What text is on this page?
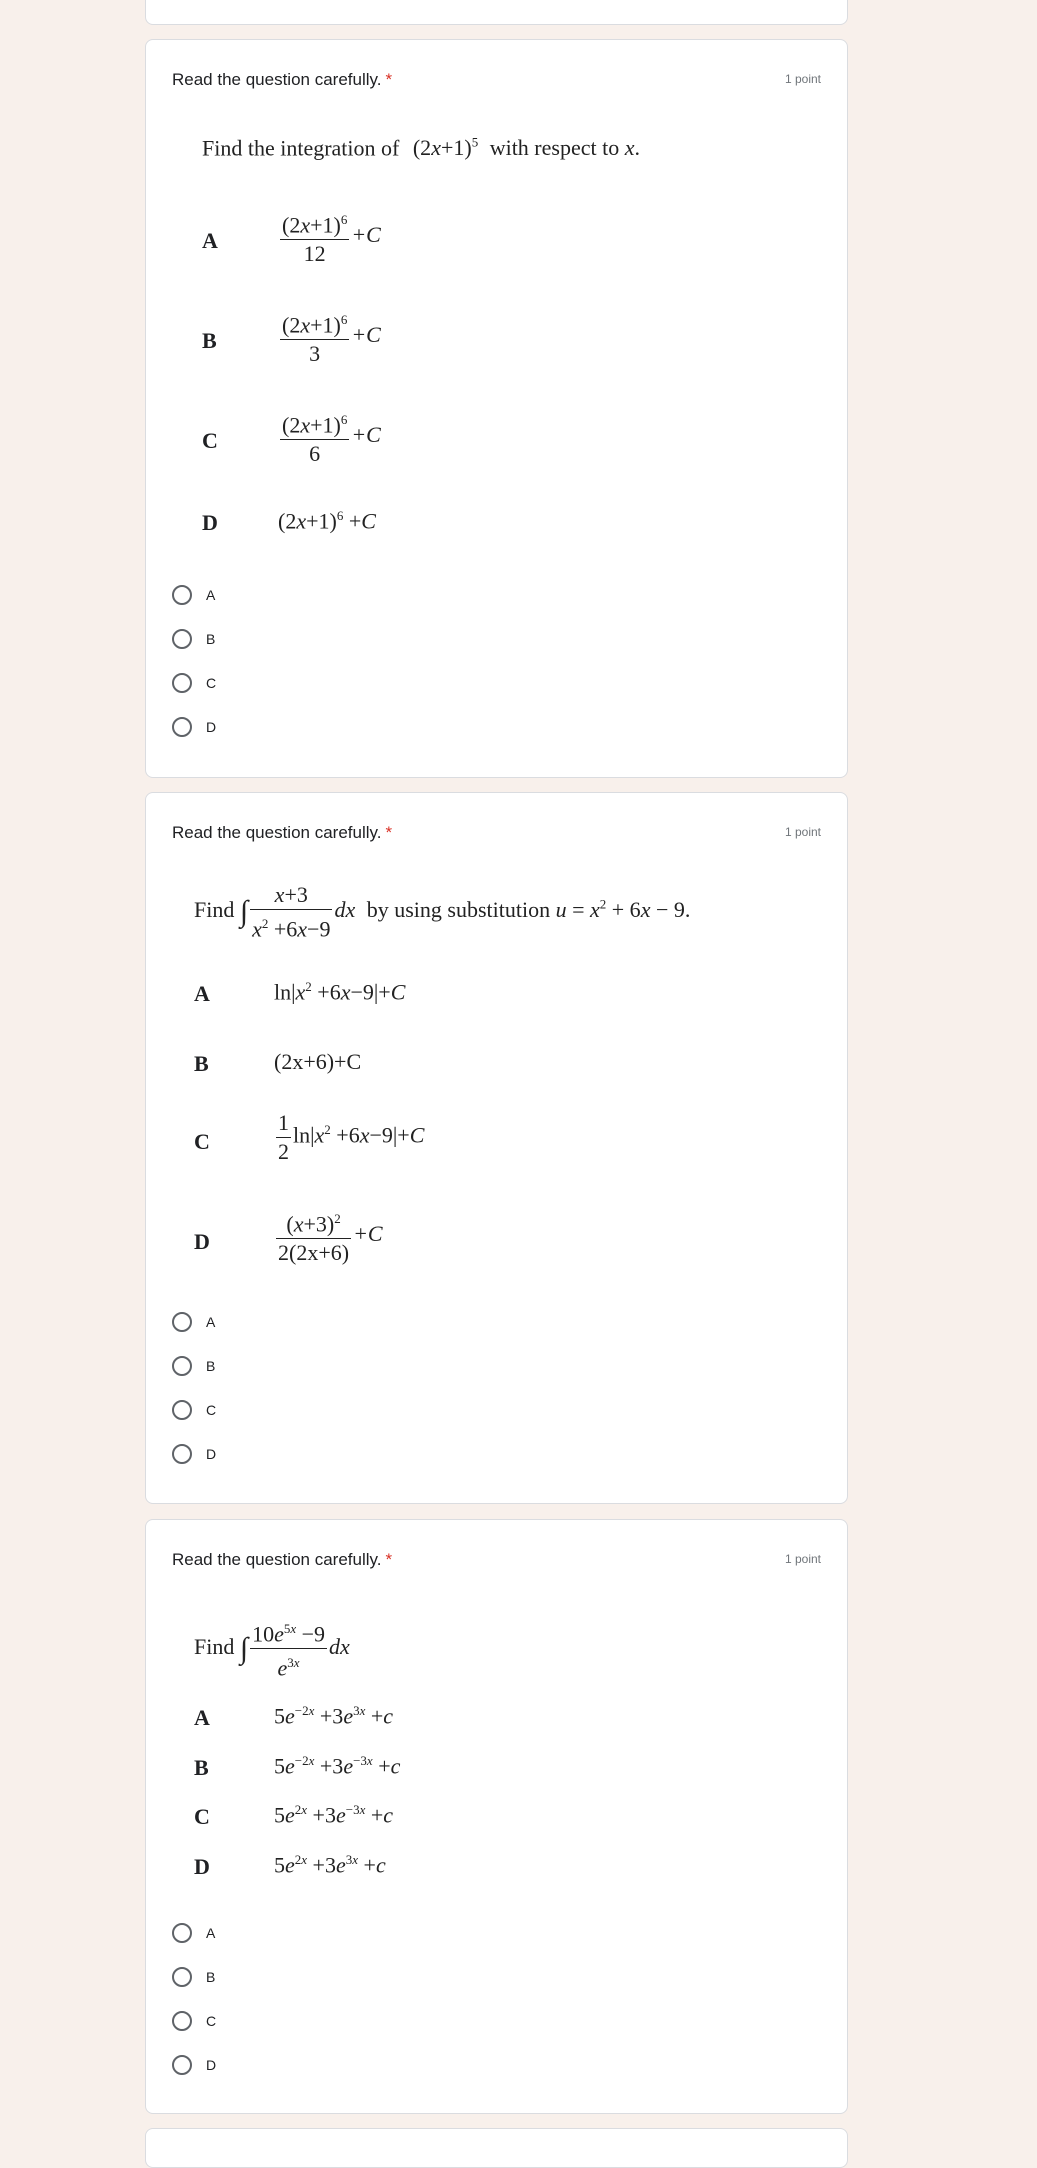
Read the question carefully. *	1 point
Find the integration of $(2x+1)^5$ with respect to x.
A	$\frac{(2x+1)^6}{12} +C$
B	$\frac{(2x+1)^6}{3} +C$
C	$\frac{(2x+1)^6}{6} +C$
D	$(2x+1)^6 +C$
A
B
C
D
Read the question carefully. *	1 point
Find ∫ $\frac{x+3}{x^2 +6x-9}$ dx by using substitution $u = x^2 + 6x - 9$.
A	$\ln|x^2 +6x-9|+C$
B	(2x+6)+C
C	$\frac{1}{2} \ln|x^2 +6x-9|+C$
D	$\frac{(x+3)^2}{2(2x+6)} +C$
A
B
C
D
Read the question carefully. *	1 point
Find ∫ $\frac{10e^{5x} -9}{e^{3x}}$ dx
A	$5e^{-2x} +3e^{3x} +c$
B	$5e^{-2x} +3e^{-3x} +c$
C	$5e^{2x} +3e^{-3x} +c$
D	$5e^{2x} +3e^{3x} +c$
A
B
C
D
